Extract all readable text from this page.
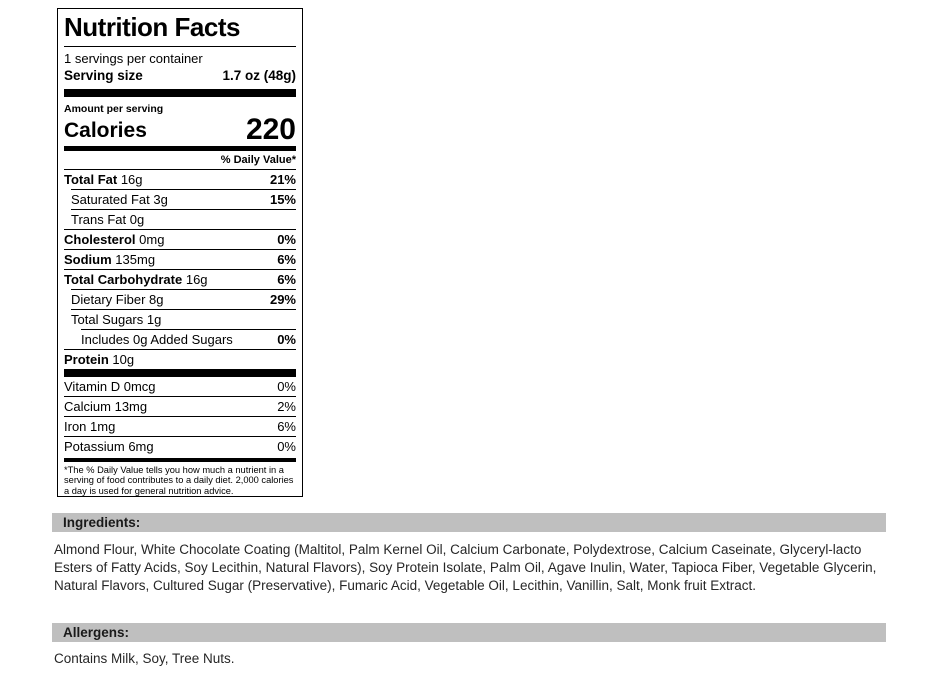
Nutrition Facts
1 servings per container
Serving size	1.7 oz (48g)
Amount per serving
Calories	220
% Daily Value*
Total Fat 16g	21%
Saturated Fat 3g	15%
Trans Fat 0g
Cholesterol 0mg	0%
Sodium 135mg	6%
Total Carbohydrate 16g	6%
Dietary Fiber 8g	29%
Total Sugars 1g
Includes 0g Added Sugars	0%
Protein 10g
Vitamin D 0mcg	0%
Calcium 13mg	2%
Iron 1mg	6%
Potassium 6mg	0%
*The % Daily Value tells you how much a nutrient in a serving of food contributes to a daily diet. 2,000 calories a day is used for general nutrition advice.
Ingredients:
Almond Flour, White Chocolate Coating (Maltitol, Palm Kernel Oil, Calcium Carbonate, Polydextrose, Calcium Caseinate, Glyceryl-lacto Esters of Fatty Acids, Soy Lecithin, Natural Flavors), Soy Protein Isolate, Palm Oil, Agave Inulin, Water, Tapioca Fiber, Vegetable Glycerin, Natural Flavors, Cultured Sugar (Preservative), Fumaric Acid, Vegetable Oil, Lecithin, Vanillin, Salt, Monk fruit Extract.
Allergens:
Contains Milk, Soy, Tree Nuts.
